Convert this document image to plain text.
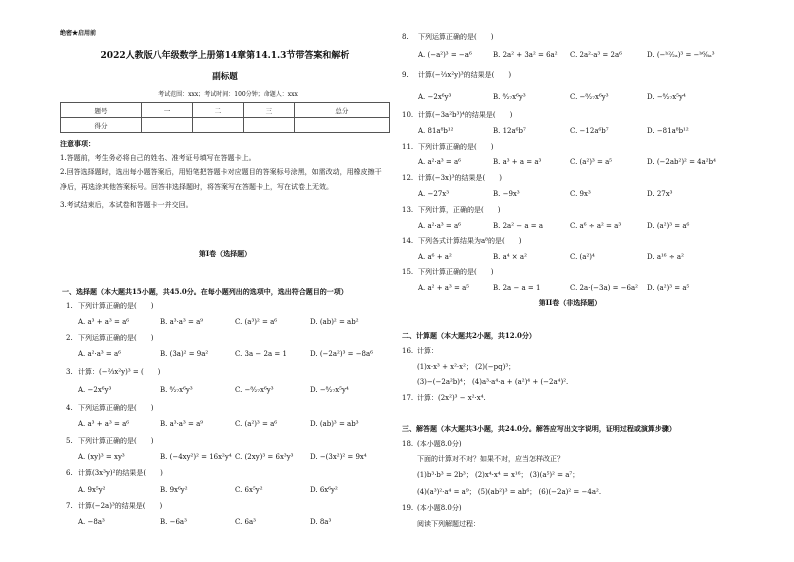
绝密★启用前
2022人教版八年级数学上册第14章第14.1.3节带答案和解析
副标题
考试范围：xxx；考试时间：100分钟；命题人：xxx
题号	一	二	三	总分
得分				
注意事项：
1.答题前，考生务必将自己的姓名、准考证号填写在答题卡上。
2.回答选择题时，选出每小题答案后，用铅笔把答题卡对应题目的答案标号涂黑，如需改动，用橡皮擦干净后，再选涂其他答案标号。回答非选择题时，将答案写在答题卡上，写在试卷上无效。
3.考试结束后，本试卷和答题卡一并交回。
第I卷（选择题）
一、选择题（本大题共15小题，共45.0分。在每小题列出的选项中，选出符合题目的一项）
1. 下列计算正确的是(　　)
A. a³ + a³ = a⁶	B. a³·a³ = a⁹	C. (a³)² = a⁶	D. (ab)² = ab²
2. 下列运算正确的是(　　)
A. a²·a³ = a⁶	B. (3a)² = 9a²	C. 3a − 2a = 1	D. (−2a²)³ = −8a⁶
3. 计算：(−⅔x²y)³ = (　　)
A. −2x⁶y³	B. ⁸⁄₂₇x⁶y³	C. −⁸⁄₂₇x⁶y³	D. −⁸⁄₂₇x⁵y⁴
4. 下列运算正确的是(　　)
A. a³ + a³ = a⁶	B. a³·a³ = a⁹	C. (a²)³ = a⁶	D. (ab)³ = ab³
5. 下列计算正确的是(　　)
A. (xy)³ = xy³	B. (−4xy²)² = 16x²y⁴ C. (2xy)³ = 6x³y³ D. −(3x²)² = 9x⁴
6. 计算(3x³y)²的结果是(　　)
A. 9x⁵y²	B. 9x⁶y²	C. 6x⁵y²	D. 6x⁶y²
7. 计算(−2a)³的结果是(　　)
A. −8a³	B. −6a³	C. 6a³	D. 8a³
8. 下列运算正确的是(　　)
A. (−a²)³ = −a⁶	B. 2a² + 3a² = 6a² C. 2a²·a³ = 2a⁶	D. (−ᵇ²⁄₂ₐ)³ = −ᵇ⁶⁄₈ₐ³
9. 计算(−⅔x²y)³的结果是(　　)
A. −2x⁶y³	B. ⁸⁄₂₇x⁶y³	C. −⁸⁄₂₇x⁶y³	D. −⁸⁄₂₇x⁵y⁴
10. 计算(−3a²b³)⁴的结果是(　　)
A. 81a⁸b¹²	B. 12a⁶b⁷	C. −12a⁶b⁷	D. −81a⁸b¹²
11. 下列计算正确的是(　　)
A. a²·a³ = a⁶	B. a³ + a = a³	C. (a²)³ = a⁵	D. (−2ab²)² = 4a²b⁴
12. 计算(−3x)³的结果是(　　)
A. −27x³	B. −9x³	C. 9x³	D. 27x³
13. 下列计算，正确的是(　　)
A. a²·a³ = a⁶	B. 2a² − a = a	C. a⁶ ÷ a² = a³	D. (a²)³ = a⁶
14. 下列各式计算结果为a⁸的是(　　)
A. a⁶ + a²	B. a⁴ × a²	C. (a²)⁴	D. a¹⁶ ÷ a²
15. 下列计算正确的是(　　)
A. a² + a³ = a⁵	B. 2a − a = 1	C. 2a·(−3a) = −6a² D. (a²)³ = a⁵
第II卷（非选择题）
二、计算题（本大题共2小题，共12.0分）
16. 计算：
(1)x·x³ + x²·x²； (2)(−pq)³；
(3)−(−2a²b)⁴； (4)a³·a⁴·a + (a²)⁴ + (−2a⁴)².
17. 计算：(2x²)³ − x²·x⁴.
三、解答题（本大题共3小题，共24.0分。解答应写出文字说明，证明过程或演算步骤）
18. (本小题8.0分)
下面的计算对不对？如果不对，应当怎样改正？
(1)b³·b³ = 2b³； (2)x⁴·x⁴ = x¹⁶； (3)(a⁵)² = a⁷；
(4)(a³)²·a⁴ = a⁹； (5)(ab²)³ = ab⁶； (6)(−2a)² = −4a².
19. (本小题8.0分)
阅读下列解题过程：
